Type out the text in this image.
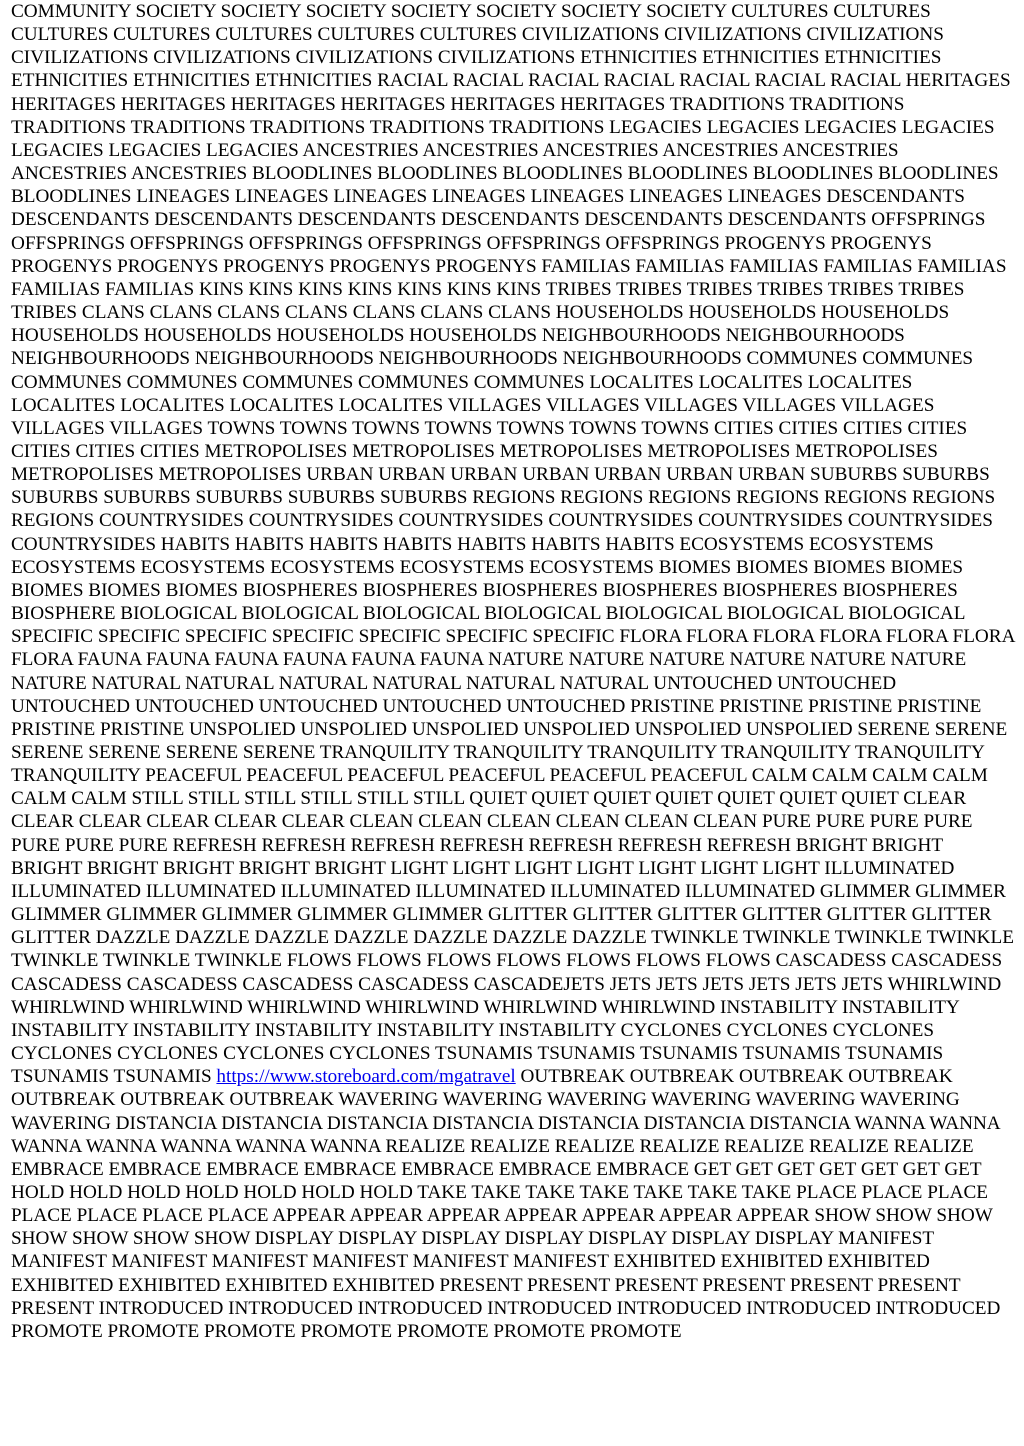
COMMUNITY SOCIETY SOCIETY SOCIETY SOCIETY SOCIETY SOCIETY SOCIETY CULTURES CULTURES CULTURES CULTURES CULTURES CULTURES CULTURES CIVILIZATIONS CIVILIZATIONS CIVILIZATIONS CIVILIZATIONS CIVILIZATIONS CIVILIZATIONS CIVILIZATIONS ETHNICITIES ETHNICITIES ETHNICITIES ETHNICITIES ETHNICITIES ETHNICITIES RACIAL RACIAL RACIAL RACIAL RACIAL RACIAL RACIAL HERITAGES HERITAGES HERITAGES HERITAGES HERITAGES HERITAGES HERITAGES TRADITIONS TRADITIONS TRADITIONS TRADITIONS TRADITIONS TRADITIONS TRADITIONS LEGACIES LEGACIES LEGACIES LEGACIES LEGACIES LEGACIES LEGACIES ANCESTRIES ANCESTRIES ANCESTRIES ANCESTRIES ANCESTRIES ANCESTRIES ANCESTRIES BLOODLINES BLOODLINES BLOODLINES BLOODLINES BLOODLINES BLOODLINES BLOODLINES LINEAGES LINEAGES LINEAGES LINEAGES LINEAGES LINEAGES LINEAGES DESCENDANTS DESCENDANTS DESCENDANTS DESCENDANTS DESCENDANTS DESCENDANTS DESCENDANTS OFFSPRINGS OFFSPRINGS OFFSPRINGS OFFSPRINGS OFFSPRINGS OFFSPRINGS OFFSPRINGS PROGENYS PROGENYS PROGENYS PROGENYS PROGENYS PROGENYS PROGENYS FAMILIAS FAMILIAS FAMILIAS FAMILIAS FAMILIAS FAMILIAS FAMILIAS KINS KINS KINS KINS KINS KINS KINS TRIBES TRIBES TRIBES TRIBES TRIBES TRIBES TRIBES CLANS CLANS CLANS CLANS CLANS CLANS CLANS HOUSEHOLDS HOUSEHOLDS HOUSEHOLDS HOUSEHOLDS HOUSEHOLDS HOUSEHOLDS HOUSEHOLDS NEIGHBOURHOODS NEIGHBOURHOODS NEIGHBOURHOODS NEIGHBOURHOODS NEIGHBOURHOODS NEIGHBOURHOODS COMMUNES COMMUNES COMMUNES COMMUNES COMMUNES COMMUNES COMMUNES LOCALITES LOCALITES LOCALITES LOCALITES LOCALITES LOCALITES LOCALITES VILLAGES VILLAGES VILLAGES VILLAGES VILLAGES VILLAGES VILLAGES TOWNS TOWNS TOWNS TOWNS TOWNS TOWNS TOWNS CITIES CITIES CITIES CITIES CITIES CITIES CITIES METROPOLISES METROPOLISES METROPOLISES METROPOLISES METROPOLISES METROPOLISES METROPOLISES URBAN URBAN URBAN URBAN URBAN URBAN URBAN SUBURBS SUBURBS SUBURBS SUBURBS SUBURBS SUBURBS SUBURBS REGIONS REGIONS REGIONS REGIONS REGIONS REGIONS REGIONS COUNTRYSIDES COUNTRYSIDES COUNTRYSIDES COUNTRYSIDES COUNTRYSIDES COUNTRYSIDES COUNTRYSIDES HABITS HABITS HABITS HABITS HABITS HABITS HABITS ECOSYSTEMS ECOSYSTEMS ECOSYSTEMS ECOSYSTEMS ECOSYSTEMS ECOSYSTEMS ECOSYSTEMS BIOMES BIOMES BIOMES BIOMES BIOMES BIOMES BIOMES BIOSPHERES BIOSPHERES BIOSPHERES BIOSPHERES BIOSPHERES BIOSPHERES BIOSPHERE BIOLOGICAL BIOLOGICAL BIOLOGICAL BIOLOGICAL BIOLOGICAL BIOLOGICAL BIOLOGICAL SPECIFIC SPECIFIC SPECIFIC SPECIFIC SPECIFIC SPECIFIC SPECIFIC FLORA FLORA FLORA FLORA FLORA FLORA FLORA FAUNA FAUNA FAUNA FAUNA FAUNA FAUNA NATURE NATURE NATURE NATURE NATURE NATURE NATURE NATURAL NATURAL NATURAL NATURAL NATURAL NATURAL UNTOUCHED UNTOUCHED UNTOUCHED UNTOUCHED UNTOUCHED UNTOUCHED UNTOUCHED PRISTINE PRISTINE PRISTINE PRISTINE PRISTINE PRISTINE UNSPOLIED UNSPOLIED UNSPOLIED UNSPOLIED UNSPOLIED UNSPOLIED SERENE SERENE SERENE SERENE SERENE SERENE TRANQUILITY TRANQUILITY TRANQUILITY TRANQUILITY TRANQUILITY TRANQUILITY PEACEFUL PEACEFUL PEACEFUL PEACEFUL PEACEFUL PEACEFUL CALM CALM CALM CALM CALM CALM STILL STILL STILL STILL STILL STILL QUIET QUIET QUIET QUIET QUIET QUIET QUIET CLEAR CLEAR CLEAR CLEAR CLEAR CLEAR CLEAN CLEAN CLEAN CLEAN CLEAN CLEAN PURE PURE PURE PURE PURE PURE PURE REFRESH REFRESH REFRESH REFRESH REFRESH REFRESH REFRESH BRIGHT BRIGHT BRIGHT BRIGHT BRIGHT BRIGHT BRIGHT LIGHT LIGHT LIGHT LIGHT LIGHT LIGHT LIGHT ILLUMINATED ILLUMINATED ILLUMINATED ILLUMINATED ILLUMINATED ILLUMINATED ILLUMINATED GLIMMER GLIMMER GLIMMER GLIMMER GLIMMER GLIMMER GLIMMER GLITTER GLITTER GLITTER GLITTER GLITTER GLITTER GLITTER DAZZLE DAZZLE DAZZLE DAZZLE DAZZLE DAZZLE DAZZLE TWINKLE TWINKLE TWINKLE TWINKLE TWINKLE TWINKLE TWINKLE FLOWS FLOWS FLOWS FLOWS FLOWS FLOWS FLOWS CASCADESS CASCADESS CASCADESS CASCADESS CASCADESS CASCADESS CASCADEJETS JETS JETS JETS JETS JETS JETS WHIRLWIND WHIRLWIND WHIRLWIND WHIRLWIND WHIRLWIND WHIRLWIND WHIRLWIND INSTABILITY INSTABILITY INSTABILITY INSTABILITY INSTABILITY INSTABILITY INSTABILITY CYCLONES CYCLONES CYCLONES CYCLONES CYCLONES CYCLONES CYCLONES TSUNAMIS TSUNAMIS TSUNAMIS TSUNAMIS TSUNAMIS TSUNAMIS TSUNAMIS https://www.storeboard.com/mgatravel OUTBREAK OUTBREAK OUTBREAK OUTBREAK OUTBREAK OUTBREAK OUTBREAK WAVERING WAVERING WAVERING WAVERING WAVERING WAVERING WAVERING DISTANCIA DISTANCIA DISTANCIA DISTANCIA DISTANCIA DISTANCIA DISTANCIA WANNA WANNA WANNA WANNA WANNA WANNA WANNA REALIZE REALIZE REALIZE REALIZE REALIZE REALIZE REALIZE EMBRACE EMBRACE EMBRACE EMBRACE EMBRACE EMBRACE EMBRACE GET GET GET GET GET GET GET HOLD HOLD HOLD HOLD HOLD HOLD HOLD TAKE TAKE TAKE TAKE TAKE TAKE TAKE PLACE PLACE PLACE PLACE PLACE PLACE PLACE APPEAR APPEAR APPEAR APPEAR APPEAR APPEAR APPEAR SHOW SHOW SHOW SHOW SHOW SHOW SHOW DISPLAY DISPLAY DISPLAY DISPLAY DISPLAY DISPLAY DISPLAY MANIFEST MANIFEST MANIFEST MANIFEST MANIFEST MANIFEST MANIFEST EXHIBITED EXHIBITED EXHIBITED EXHIBITED EXHIBITED EXHIBITED EXHIBITED PRESENT PRESENT PRESENT PRESENT PRESENT PRESENT PRESENT INTRODUCED INTRODUCED INTRODUCED INTRODUCED INTRODUCED INTRODUCED INTRODUCED PROMOTE PROMOTE PROMOTE PROMOTE PROMOTE PROMOTE PROMOTE
